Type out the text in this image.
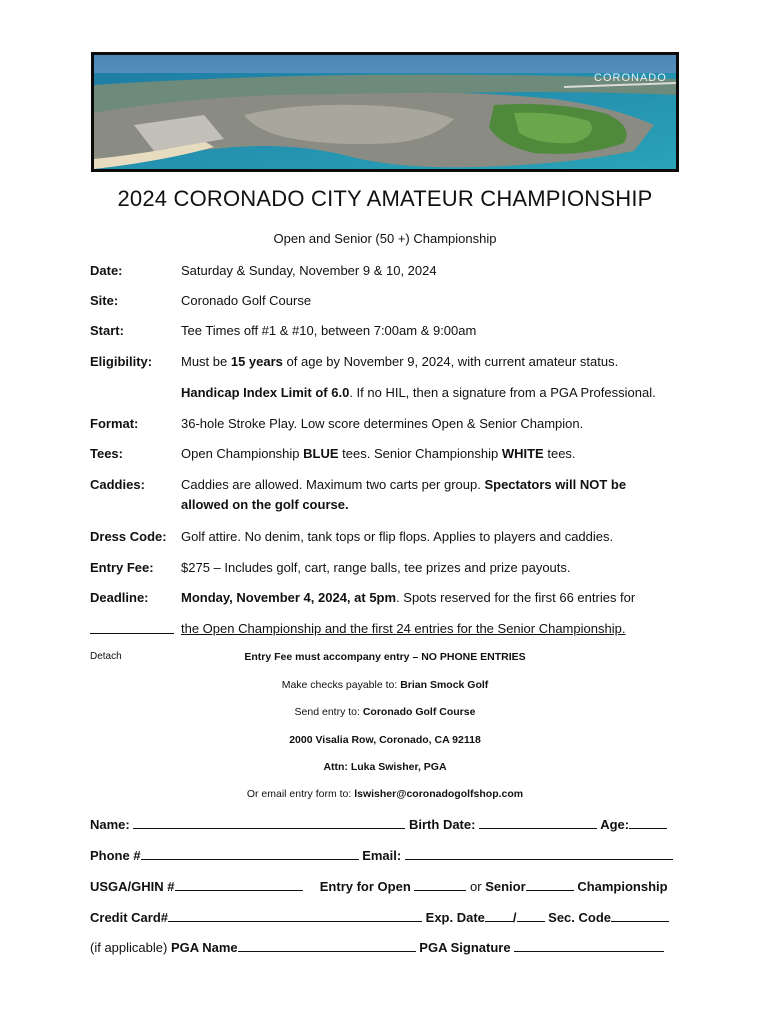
CORONADO
2024 CORONADO CITY AMATEUR CHAMPIONSHIP
Open and Senior (50 +) Championship
Date:	Saturday & Sunday, November 9 & 10, 2024
Site:	Coronado Golf Course
Start:	Tee Times off #1 & #10, between 7:00am & 9:00am
Eligibility: Must be 15 years of age by November 9, 2024, with current amateur status.
Handicap Index Limit of 6.0. If no HIL, then a signature from a PGA Professional.
Format:	36-hole Stroke Play. Low score determines Open & Senior Champion.
Tees:	Open Championship BLUE tees. Senior Championship WHITE tees.
Caddies:	Caddies are allowed. Maximum two carts per group. Spectators will NOT be
allowed on the golf course.
Dress Code: Golf attire. No denim, tank tops or flip flops. Applies to players and caddies.
Entry Fee: $275 – Includes golf, cart, range balls, tee prizes and prize payouts.
Deadline: Monday, November 4, 2024, at 5pm. Spots reserved for the first 66 entries for
the Open Championship and the first 24 entries for the Senior Championship.
Detach	Entry Fee must accompany entry – NO PHONE ENTRIES
Make checks payable to: Brian Smock Golf
Send entry to: Coronado Golf Course
2000 Visalia Row, Coronado, CA 92118
Attn: Luka Swisher, PGA
Or email entry form to: lswisher@coronadogolfshop.com
Name:	Birth Date:	Age:
Phone #	Email:
USGA/GHIN #	Entry for Open	or Senior	Championship
Credit Card#	Exp. Date / Sec. Code
(if applicable) PGA Name	PGA Signature
